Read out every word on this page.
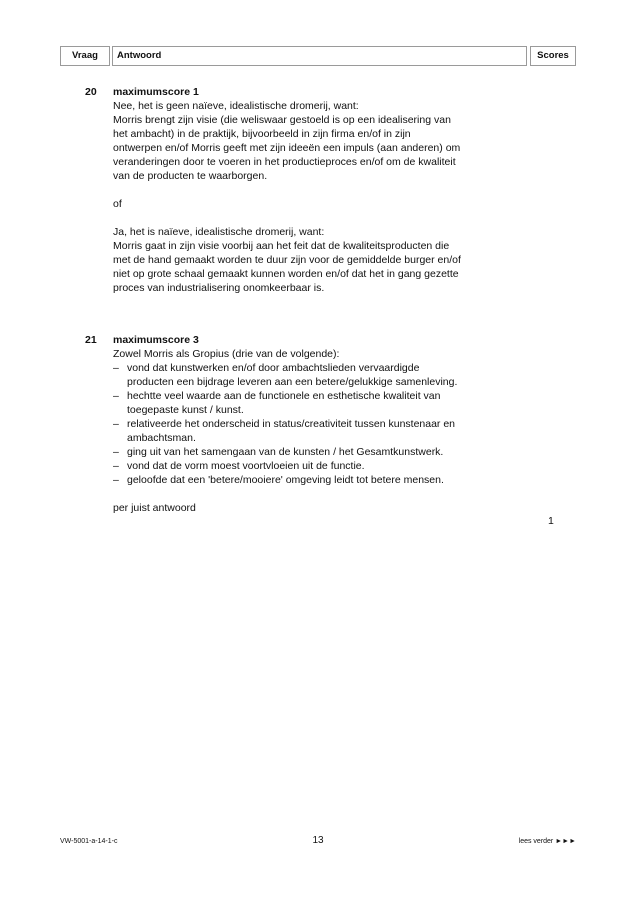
Vraag	Antwoord	Scores
20 maximumscore 1
Nee, het is geen naïeve, idealistische dromerij, want:
Morris brengt zijn visie (die weliswaar gestoeld is op een idealisering van
het ambacht) in de praktijk, bijvoorbeeld in zijn firma en/of in zijn
ontwerpen en/of Morris geeft met zijn ideeën een impuls (aan anderen) om
veranderingen door te voeren in het productieproces en/of om de kwaliteit
van de producten te waarborgen.
of
Ja, het is naïeve, idealistische dromerij, want:
Morris gaat in zijn visie voorbij aan het feit dat de kwaliteitsproducten die
met de hand gemaakt worden te duur zijn voor de gemiddelde burger en/of
niet op grote schaal gemaakt kunnen worden en/of dat het in gang gezette
proces van industrialisering onomkeerbaar is.
21 maximumscore 3
Zowel Morris als Gropius (drie van de volgende):
– vond dat kunstwerken en/of door ambachtslieden vervaardigde
producten een bijdrage leveren aan een betere/gelukkige samenleving.
– hechtte veel waarde aan de functionele en esthetische kwaliteit van
toegepaste kunst / kunst.
– relativeerde het onderscheid in status/creativiteit tussen kunstenaar en
ambachtsman.
– ging uit van het samengaan van de kunsten / het Gesamtkunstwerk.
– vond dat de vorm moest voortvloeien uit de functie.
– geloofde dat een 'betere/mooiere' omgeving leidt tot betere mensen.
per juist antwoord
1
VW-5001-a-14-1-c	13	lees verder ►►►
